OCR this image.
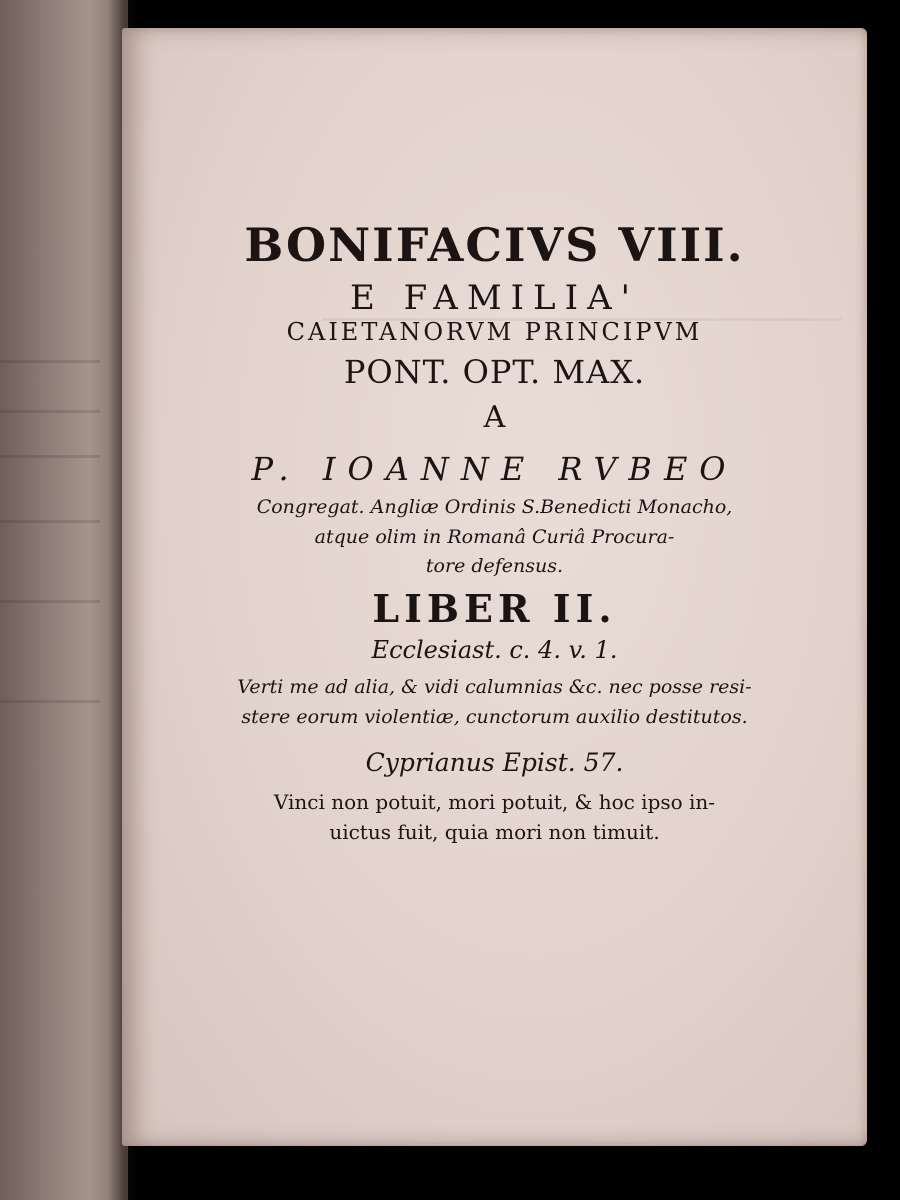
BONIFACIVS VIII.
E FAMILIA'
CAIETANORVM PRINCIPVM
PONT. OPT. MAX.
A
P. IOANNE RVBEO
Congregat. Angliæ Ordinis S.Benedicti Monacho,
atque olim in Romanâ Curiâ Procura-
tore defensus.
LIBER II.
Ecclesiast. c. 4. v. 1.
Verti me ad alia, & vidi calumnias &c. nec posse resi-
stere eorum violentiæ, cunctorum auxilio destitutos.
Cyprianus Epist. 57.
Vinci non potuit, mori potuit, & hoc ipso in-
uictus fuit, quia mori non timuit.
